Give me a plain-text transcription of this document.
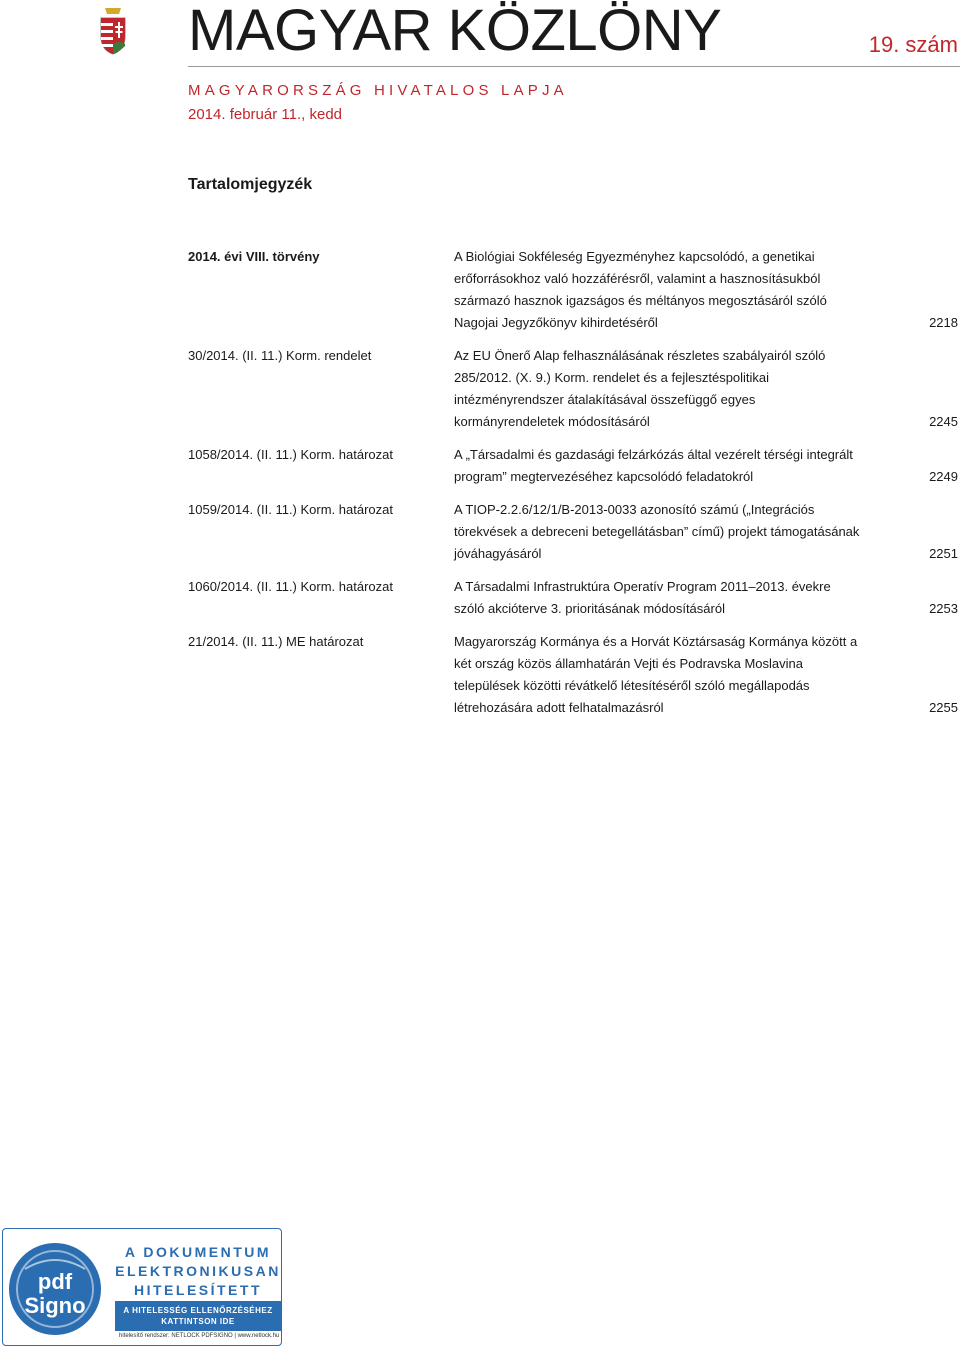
MAGYAR KÖZLÖNY	19. szám
MAGYARORSZÁG HIVATALOS LAPJA
2014. február 11., kedd
Tartalomjegyzék
2014. évi VIII. törvény	A Biológiai Sokféleség Egyezményhez kapcsolódó, a genetikai erőforrásokhoz való hozzáférésről, valamint a hasznosításukból származó hasznok igazságos és méltányos megosztásáról szóló Nagojai Jegyzőkönyv kihirdetéséről	2218
30/2014. (II. 11.) Korm. rendelet	Az EU Önerő Alap felhasználásának részletes szabályairól szóló 285/2012. (X. 9.) Korm. rendelet és a fejlesztéspolitikai intézményrendszer átalakításával összefüggő egyes kormányrendeletek módosításáról	2245
1058/2014. (II. 11.) Korm. határozat	A „Társadalmi és gazdasági felzárkózás által vezérelt térségi integrált program” megtervezéséhez kapcsolódó feladatokról	2249
1059/2014. (II. 11.) Korm. határozat	A TIOP-2.2.6/12/1/B-2013-0033 azonosító számú („Integrációs törekvések a debreceni betegellátásban” című) projekt támogatásának jóváhagyásáról	2251
1060/2014. (II. 11.) Korm. határozat	A Társadalmi Infrastruktúra Operatív Program 2011–2013. évekre szóló akcióterve 3. prioritásának módosításáról	2253
21/2014. (II. 11.) ME határozat	Magyarország Kormánya és a Horvát Köztársaság Kormánya között a két ország közös államhatárán Vejti és Podravska Moslavina települések közötti révátkelő létesítéséről szóló megállapodás létrehozására adott felhatalmazásról	2255
pdf
Signo
A DOKUMENTUM
ELEKTRONIKUSAN
HITELESÍTETT
A HITELESSÉG ELLENŐRZÉSÉHEZ
KATTINTSON IDE
hitelesítő rendszer: NETLOCK PDFSIGNO | www.netlock.hu
